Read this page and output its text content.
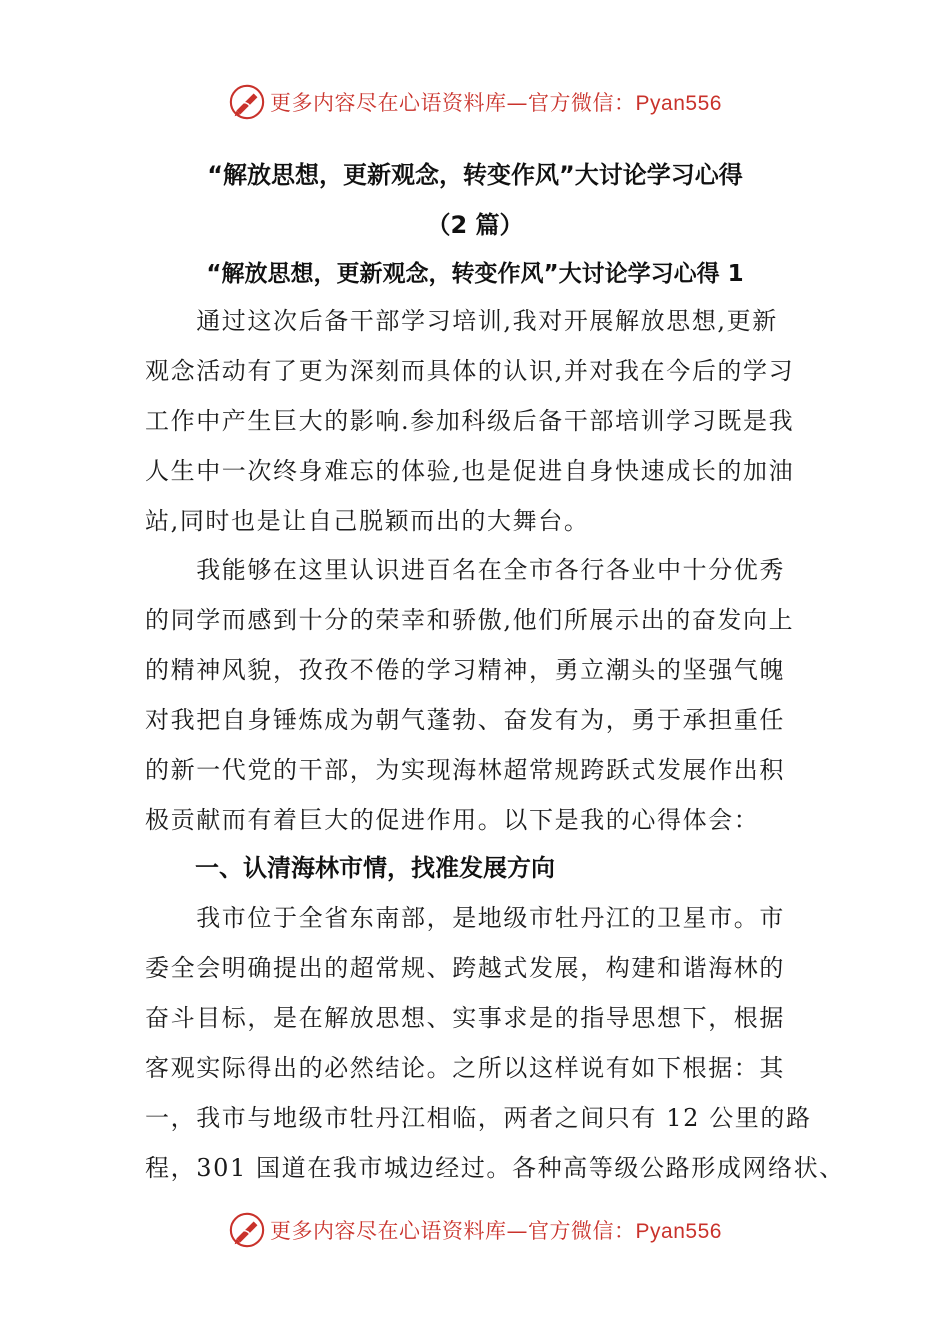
更多内容尽在心语资料库—官方微信：Pyan556
“解放思想，更新观念，转变作风”大讨论学习心得
（2 篇）
“解放思想，更新观念，转变作风”大讨论学习心得 1
　　通过这次后备干部学习培训,我对开展解放思想,更新
观念活动有了更为深刻而具体的认识,并对我在今后的学习
工作中产生巨大的影响.参加科级后备干部培训学习既是我
人生中一次终身难忘的体验,也是促进自身快速成长的加油
站,同时也是让自己脱颖而出的大舞台。
　　我能够在这里认识进百名在全市各行各业中十分优秀
的同学而感到十分的荣幸和骄傲,他们所展示出的奋发向上
的精神风貌，孜孜不倦的学习精神，勇立潮头的坚强气魄
对我把自身锤炼成为朝气蓬勃、奋发有为，勇于承担重任
的新一代党的干部，为实现海林超常规跨跃式发展作出积
极贡献而有着巨大的促进作用。以下是我的心得体会：
一、认清海林市情，找准发展方向
　　我市位于全省东南部，是地级市牡丹江的卫星市。市
委全会明确提出的超常规、跨越式发展，构建和谐海林的
奋斗目标，是在解放思想、实事求是的指导思想下，根据
客观实际得出的必然结论。之所以这样说有如下根据：其
一，我市与地级市牡丹江相临，两者之间只有 12 公里的路
程，301 国道在我市城边经过。各种高等级公路形成网络状、
更多内容尽在心语资料库—官方微信：Pyan556
